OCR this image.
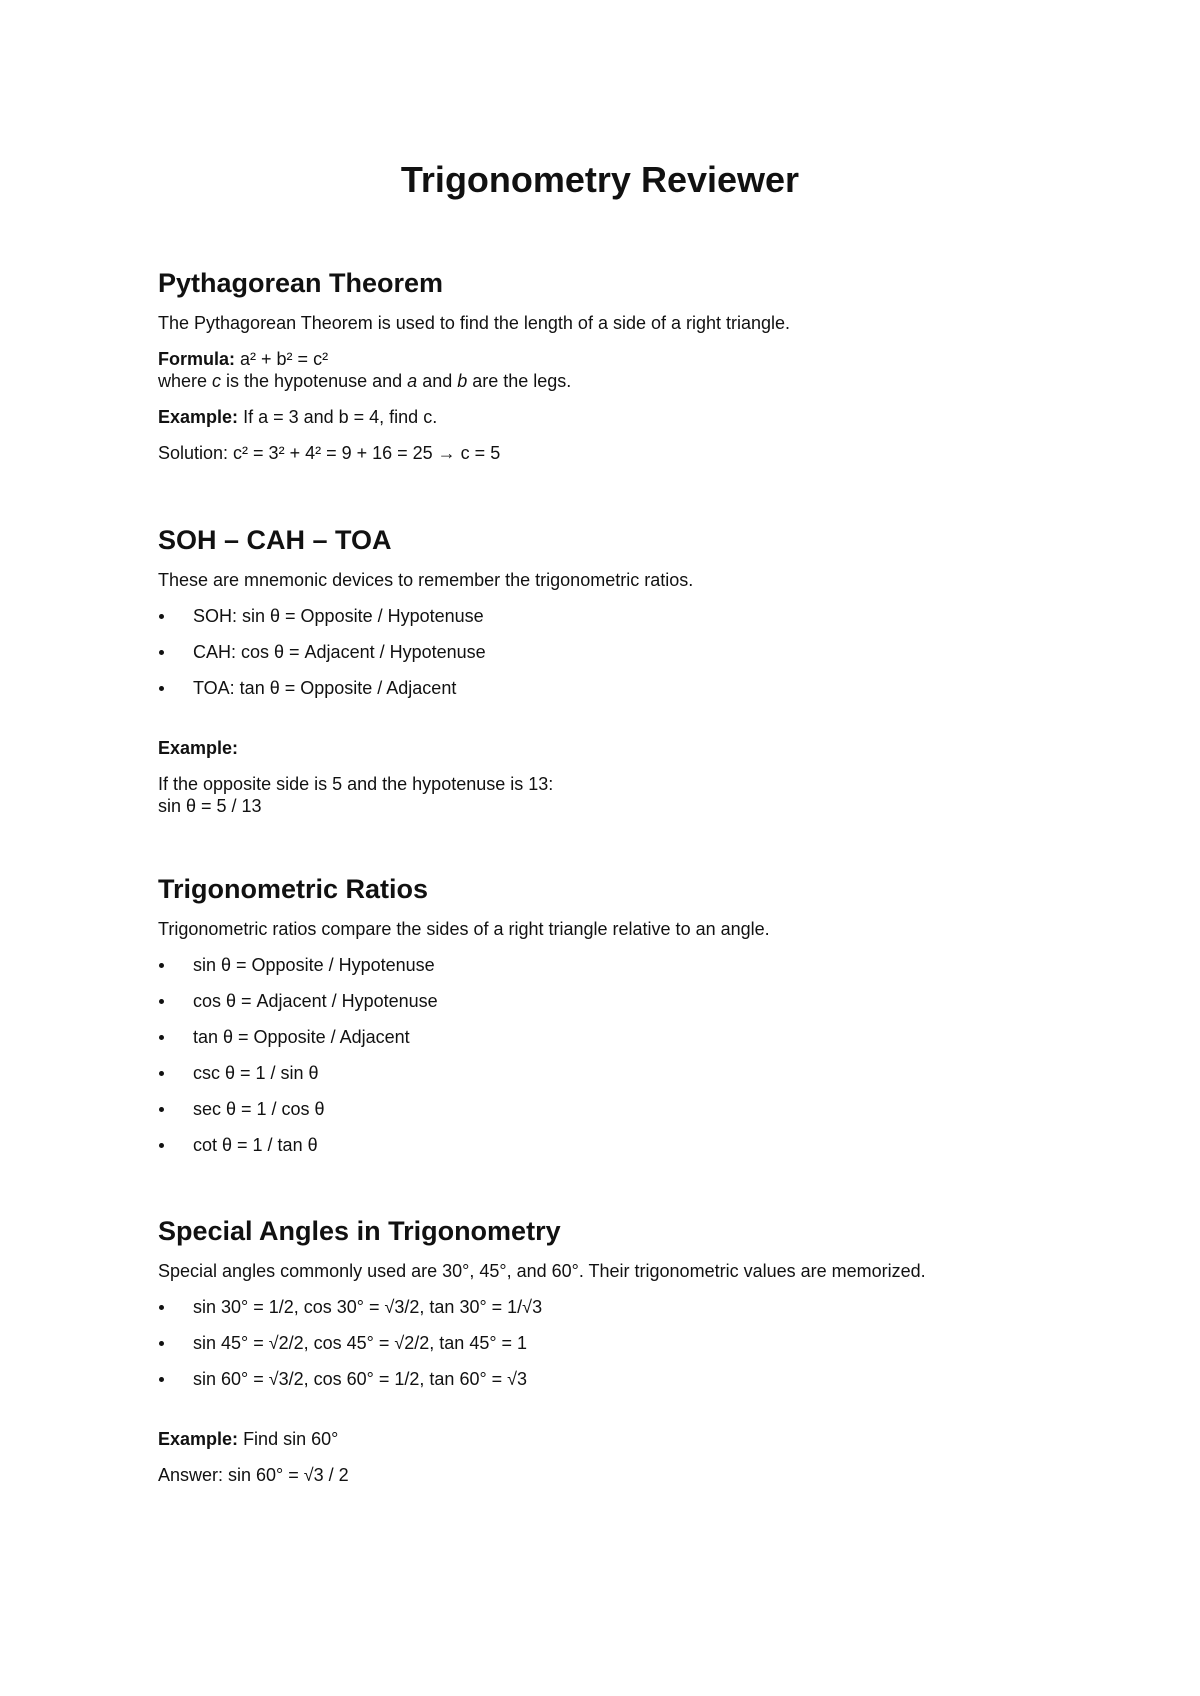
Trigonometry Reviewer
Pythagorean Theorem

The Pythagorean Theorem is used to find the length of a side of a right triangle.

Formula: a² + b² = c²

where c is the hypotenuse and a and b are the legs.

Example: If a = 3 and b = 4, find c.

Solution: c² = 3² + 4² = 9 + 16 = 25 → c = 5

SOH – CAH – TOA

These are mnemonic devices to remember the trigonometric ratios.

SOH: sin θ = Opposite / Hypotenuse
CAH: cos θ = Adjacent / Hypotenuse
TOA: tan θ = Opposite / Adjacent

Example:

If the opposite side is 5 and the hypotenuse is 13:

sin θ = 5 / 13

Trigonometric Ratios

Trigonometric ratios compare the sides of a right triangle relative to an angle.

sin θ = Opposite / Hypotenuse
cos θ = Adjacent / Hypotenuse
tan θ = Opposite / Adjacent
csc θ = 1 / sin θ
sec θ = 1 / cos θ
cot θ = 1 / tan θ
Special Angles in Trigonometry

Special angles commonly used are 30°, 45°, and 60°. Their trigonometric values are memorized.

sin 30° = 1/2, cos 30° = √3/2, tan 30° = 1/√3
sin 45° = √2/2, cos 45° = √2/2, tan 45° = 1
sin 60° = √3/2, cos 60° = 1/2, tan 60° = √3

Example: Find sin 60°

Answer: sin 60° = √3 / 2
